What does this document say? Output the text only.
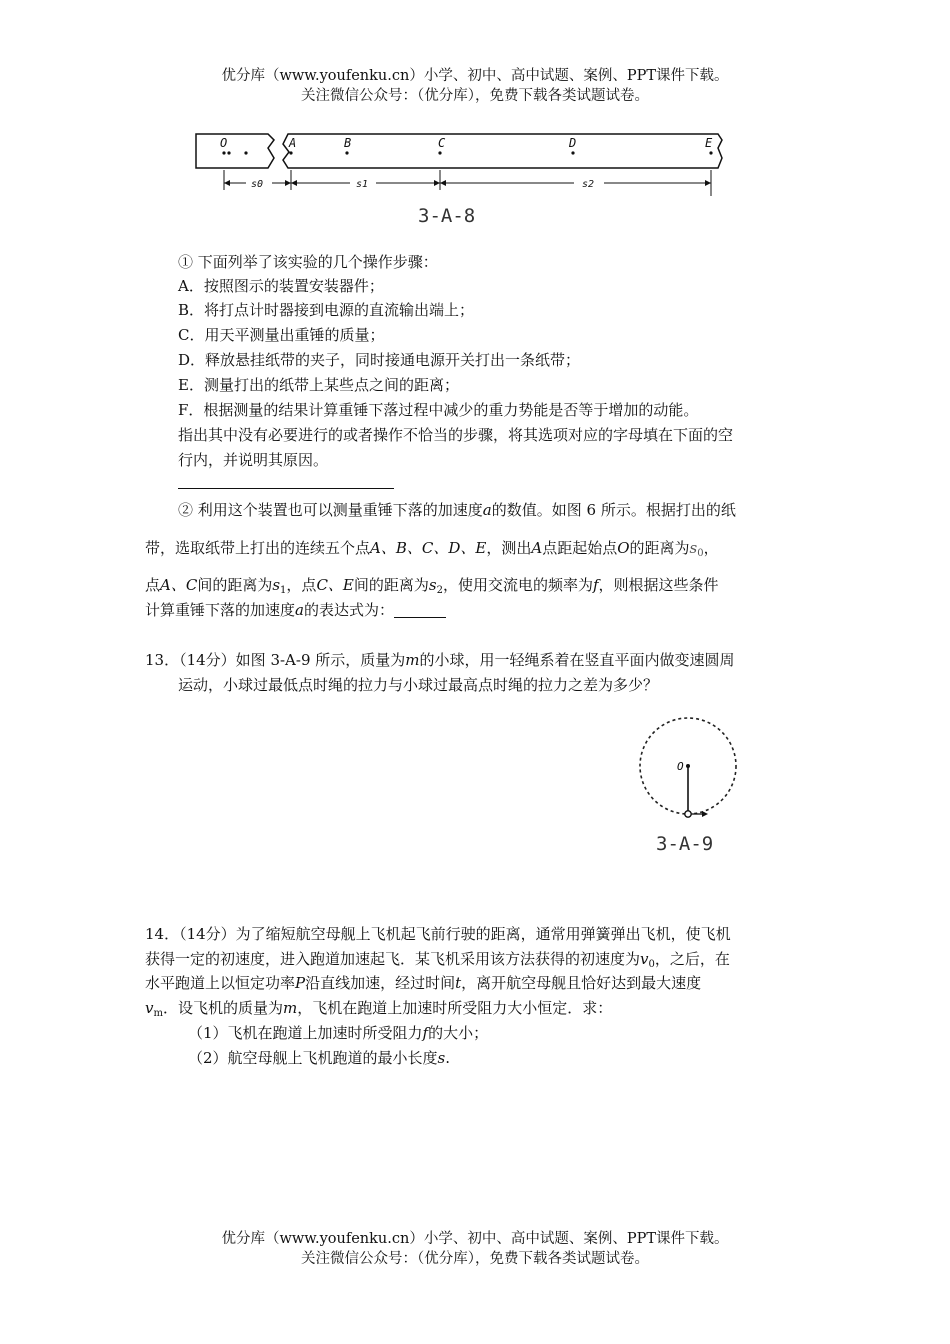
优分库（www.youfenku.cn）小学、初中、高中试题、案例、PPT课件下载。
关注微信公众号：（优分库），免费下载各类试题试卷。
O	A	B	C	D	E
s0	s1	s2
3-A-8
① 下面列举了该实验的几个操作步骤：
A．按照图示的装置安装器件；
B．将打点计时器接到电源的直流输出端上；
C．用天平测量出重锤的质量；
D．释放悬挂纸带的夹子，同时接通电源开关打出一条纸带；
E．测量打出的纸带上某些点之间的距离；
F．根据测量的结果计算重锤下落过程中减少的重力势能是否等于增加的动能。
指出其中没有必要进行的或者操作不恰当的步骤，将其选项对应的字母填在下面的空
行内，并说明其原因。
② 利用这个装置也可以测量重锤下落的加速度a的数值。如图 6 所示。根据打出的纸
带，选取纸带上打出的连续五个点A、B、C、D、E，测出A点距起始点O的距离为$s_0$，
点A、C间的距离为$s_1$，点C、E间的距离为$s_2$，使用交流电的频率为f，则根据这些条件
计算重锤下落的加速度a的表达式为：
13．（14分）如图 3-A-9 所示，质量为m的小球，用一轻绳系着在竖直平面内做变速圆周
运动，小球过最低点时绳的拉力与小球过最高点时绳的拉力之差为多少？
O
3-A-9
14．（14分）为了缩短航空母舰上飞机起飞前行驶的距离，通常用弹簧弹出飞机，使飞机
获得一定的初速度，进入跑道加速起飞．某飞机采用该方法获得的初速度为$v_0$，之后，在
水平跑道上以恒定功率P沿直线加速，经过时间t，离开航空母舰且恰好达到最大速度
$v_m$．设飞机的质量为m，飞机在跑道上加速时所受阻力大小恒定．求：
（1）飞机在跑道上加速时所受阻力f的大小；
（2）航空母舰上飞机跑道的最小长度s.
优分库（www.youfenku.cn）小学、初中、高中试题、案例、PPT课件下载。
关注微信公众号：（优分库），免费下载各类试题试卷。
